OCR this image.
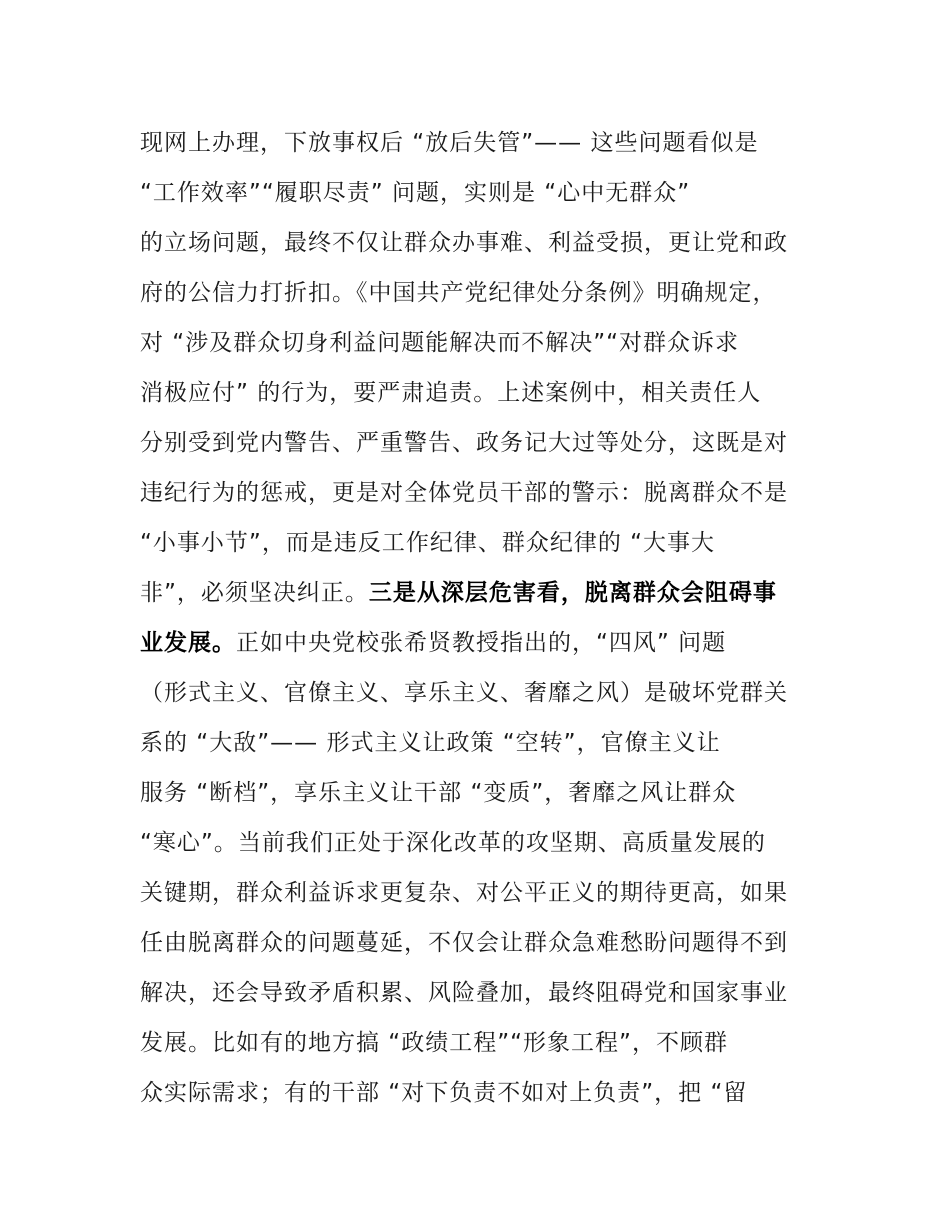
现网上办理，下放事权后 “放后失管”—— 这些问题看似是
“工作效率”“履职尽责” 问题，实则是 “心中无群众”
的立场问题，最终不仅让群众办事难、利益受损，更让党和政
府的公信力打折扣。《中国共产党纪律处分条例》明确规定，
对 “涉及群众切身利益问题能解决而不解决”“对群众诉求
消极应付” 的行为，要严肃追责。上述案例中，相关责任人
分别受到党内警告、严重警告、政务记大过等处分，这既是对
违纪行为的惩戒，更是对全体党员干部的警示：脱离群众不是
“小事小节”，而是违反工作纪律、群众纪律的 “大事大
非”，必须坚决纠正。三是从深层危害看，脱离群众会阻碍事
业发展。正如中央党校张希贤教授指出的，“四风” 问题
（形式主义、官僚主义、享乐主义、奢靡之风）是破坏党群关
系的 “大敌”—— 形式主义让政策 “空转”，官僚主义让
服务 “断档”，享乐主义让干部 “变质”，奢靡之风让群众
“寒心”。当前我们正处于深化改革的攻坚期、高质量发展的
关键期，群众利益诉求更复杂、对公平正义的期待更高，如果
任由脱离群众的问题蔓延，不仅会让群众急难愁盼问题得不到
解决，还会导致矛盾积累、风险叠加，最终阻碍党和国家事业
发展。比如有的地方搞 “政绩工程”“形象工程”，不顾群
众实际需求；有的干部 “对下负责不如对上负责”，把 “留
